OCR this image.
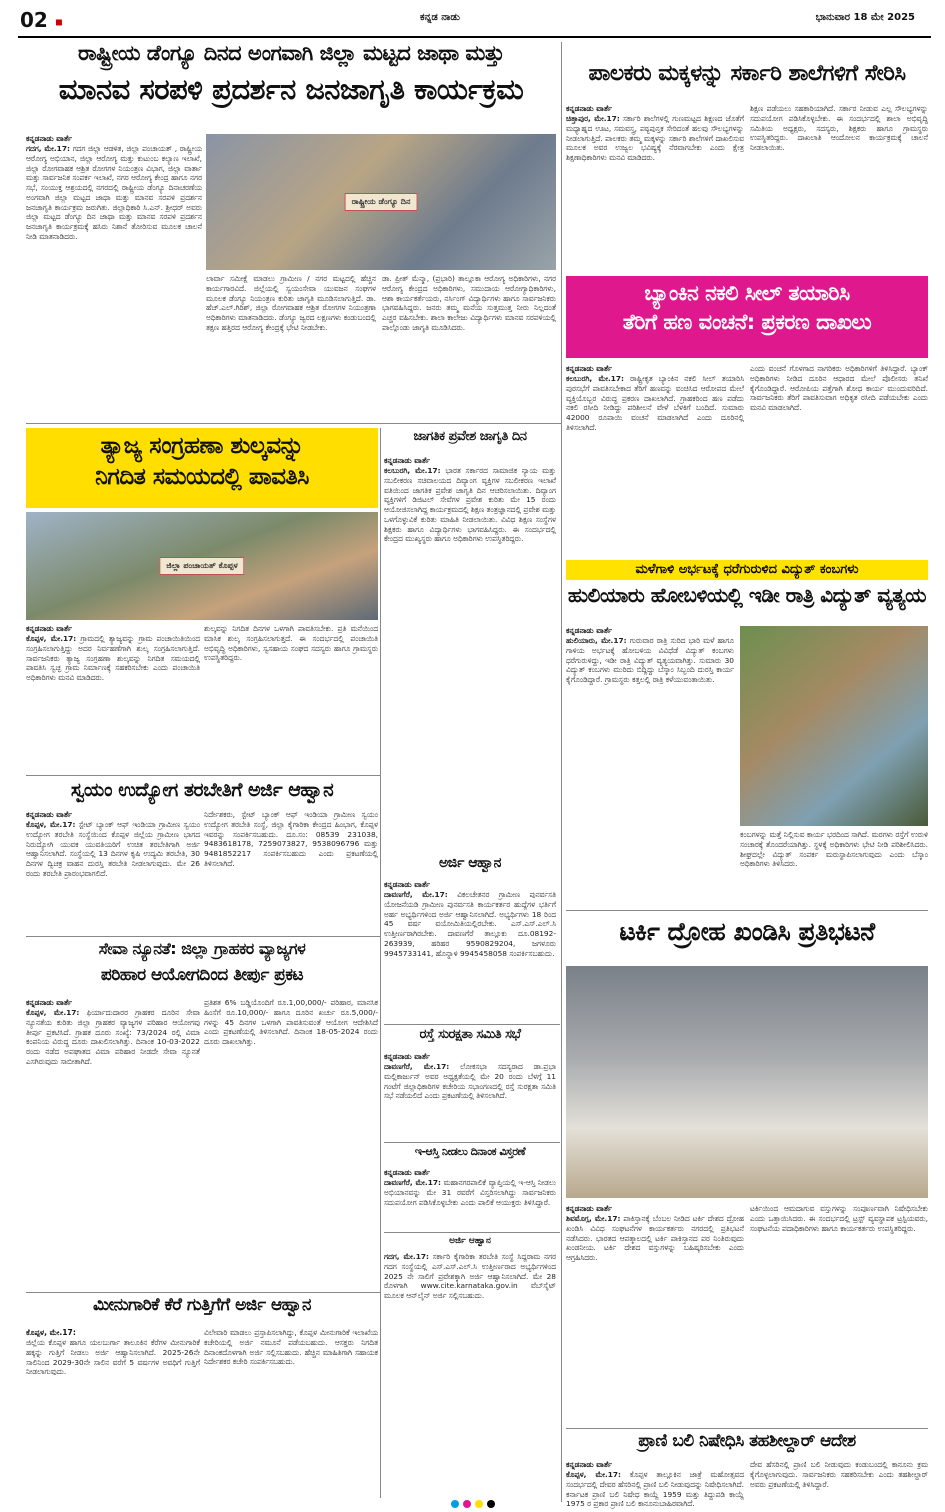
02 ▪	ಕನ್ನಡ ನಾಡು	ಭಾನುವಾರ 18 ಮೇ 2025
ರಾಷ್ಟ್ರೀಯ ಡೆಂಗ್ಯೂ ದಿನದ ಅಂಗವಾಗಿ ಜಿಲ್ಲಾ ಮಟ್ಟದ ಜಾಥಾ ಮತ್ತು
ಮಾನವ ಸರಪಳಿ ಪ್ರದರ್ಶನ ಜನಜಾಗೃತಿ ಕಾರ್ಯಕ್ರಮ
ಕನ್ನಡನಾಡು ವಾರ್ತೆ
ಗದಗ, ಮೇ.17: ಗದಗ ಜಿಲ್ಲಾ ಆಡಳಿತ, ಜಿಲ್ಲಾ ಪಂಚಾಯತ್ , ರಾಷ್ಟ್ರೀಯ ಆರೋಗ್ಯ ಅಭಿಯಾನ, ಜಿಲ್ಲಾ ಆರೋಗ್ಯ ಮತ್ತು ಕುಟುಂಬ ಕಲ್ಯಾಣ ಇಲಾಖೆ, ಜಿಲ್ಲಾ ರೋಗವಾಹಕ ಆಶ್ರಿತ ರೋಗಗಳ ನಿಯಂತ್ರಣ ವಿಭಾಗ, ಜಿಲ್ಲಾ ವಾರ್ತಾ ಮತ್ತು ಸಾರ್ವಜನಿಕ ಸಂಪರ್ಕ ಇಲಾಖೆ, ನಗರ ಆರೋಗ್ಯ ಕೇಂದ್ರ ಹಾಗೂ ನಗರ ಸಭೆ, ಸಂಯುಕ್ತ ಆಶ್ರಯದಲ್ಲಿ ನಗರದಲ್ಲಿ ರಾಷ್ಟ್ರೀಯ ಡೆಂಗ್ಯೂ ದಿನಾಚರಣೆಯ ಅಂಗವಾಗಿ ಜಿಲ್ಲಾ ಮಟ್ಟದ ಜಾಥಾ ಮತ್ತು ಮಾನವ ಸರಪಳಿ ಪ್ರದರ್ಶನ ಜನಜಾಗೃತಿ ಕಾರ್ಯಕ್ರಮ ಜರುಗಿತು. ಜಿಲ್ಲಾಧಿಕಾರಿ ಸಿ.ಎನ್. ಶ್ರೀಧರ್ ಅವರು ಜಿಲ್ಲಾ ಮಟ್ಟದ ಡೆಂಗ್ಯೂ ದಿನ ಜಾಥಾ ಮತ್ತು ಮಾನವ ಸರಪಳಿ ಪ್ರದರ್ಶನ ಜನಜಾಗೃತಿ ಕಾರ್ಯಕ್ರಮಕ್ಕೆ ಹಸಿರು ನಿಶಾನೆ ತೋರಿಸುವ ಮೂಲಕ ಚಾಲನೆ ನೀಡಿ ಮಾತನಾಡಿದರು.
ರಾಷ್ಟ್ರೀಯ ಡೆಂಗ್ಯೂ ದಿನ
ಲಾರ್ವಾ ಸಮೀಕ್ಷೆ ಮಾಡಲು ಗ್ರಾಮೀಣ / ನಗರ ಮಟ್ಟದಲ್ಲಿ ಹೆಚ್ಚಿನ ಕಾರ್ಯಗಾರವಿದೆ. ಜಿಲ್ಲೆಯಲ್ಲಿ ಸ್ವಯಂಸೇವಾ ಯುವಜನ ಸಂಘಗಳ ಮೂಲಕ ಡೆಂಗ್ಯೂ ನಿಯಂತ್ರಣ ಕುರಿತು ಜಾಗೃತಿ ಮೂಡಿಸಲಾಗುತ್ತಿದೆ. ಡಾ. ಹೆಚ್.ಎಲ್.ಗಿರಿಶ್, ಜಿಲ್ಲಾ ರೋಗವಾಹಕ ಆಶ್ರಿತ ರೋಗಗಳ ನಿಯಂತ್ರಣಾ ಅಧಿಕಾರಿಗಳು ಮಾತನಾಡಿದರು. ಡೆಂಗ್ಯೂ ಜ್ವರದ ಲಕ್ಷಣಗಳು ಕಂಡುಬಂದಲ್ಲಿ ತಕ್ಷಣ ಹತ್ತಿರದ ಆರೋಗ್ಯ ಕೇಂದ್ರಕ್ಕೆ ಭೇಟಿ ನೀಡಬೇಕು.
ಡಾ. ಪ್ರೀತ್ ಮೆನ್ಮಾ, (ಪ್ರಭಾರಿ) ತಾಲ್ಲೂಕಾ ಆರೋಗ್ಯ ಅಧಿಕಾರಿಗಳು, ನಗರ ಆರೋಗ್ಯ ಕೇಂದ್ರದ ಅಧಿಕಾರಿಗಳು, ಸಮುದಾಯ ಆರೋಗ್ಯಾಧಿಕಾರಿಗಳು, ಆಶಾ ಕಾರ್ಯಕರ್ತೆಯರು, ನರ್ಸಿಂಗ್ ವಿದ್ಯಾರ್ಥಿಗಳು ಹಾಗೂ ಸಾರ್ವಜನಿಕರು ಭಾಗವಹಿಸಿದ್ದರು. ಜನರು ತಮ್ಮ ಮನೆಯ ಸುತ್ತಮುತ್ತ ನೀರು ನಿಲ್ಲದಂತೆ ಎಚ್ಚರ ವಹಿಸಬೇಕು. ಶಾಲಾ ಕಾಲೇಜು ವಿದ್ಯಾರ್ಥಿಗಳು ಮಾನವ ಸರಪಳಿಯಲ್ಲಿ ಪಾಲ್ಗೊಂಡು ಜಾಗೃತಿ ಮೂಡಿಸಿದರು.
ಪಾಲಕರು ಮಕ್ಕಳನ್ನು ಸರ್ಕಾರಿ ಶಾಲೆಗಳಿಗೆ ಸೇರಿಸಿ
ಕನ್ನಡನಾಡು ವಾರ್ತೆ
ಚಿತ್ತಾಪುರ, ಮೇ.17: ಸರ್ಕಾರಿ ಶಾಲೆಗಳಲ್ಲಿ ಗುಣಮಟ್ಟದ ಶಿಕ್ಷಣದ ಜೊತೆಗೆ ಮಧ್ಯಾಹ್ನದ ಊಟ, ಸಮವಸ್ತ್ರ, ಪಠ್ಯಪುಸ್ತಕ ಸೇರಿದಂತೆ ಹಲವು ಸೌಲಭ್ಯಗಳನ್ನು ನೀಡಲಾಗುತ್ತಿದೆ. ಪಾಲಕರು ತಮ್ಮ ಮಕ್ಕಳನ್ನು ಸರ್ಕಾರಿ ಶಾಲೆಗಳಿಗೆ ದಾಖಲಿಸುವ ಮೂಲಕ ಅವರ ಉಜ್ವಲ ಭವಿಷ್ಯಕ್ಕೆ ನೆರವಾಗಬೇಕು ಎಂದು ಕ್ಷೇತ್ರ ಶಿಕ್ಷಣಾಧಿಕಾರಿಗಳು ಮನವಿ ಮಾಡಿದರು.
ಶಿಕ್ಷಣ ಪಡೆಯಲು ಸಹಕಾರಿಯಾಗಿದೆ. ಸರ್ಕಾರ ನೀಡುವ ಎಲ್ಲ ಸೌಲಭ್ಯಗಳನ್ನು ಸದುಪಯೋಗ ಪಡಿಸಿಕೊಳ್ಳಬೇಕು. ಈ ಸಂದರ್ಭದಲ್ಲಿ ಶಾಲಾ ಅಭಿವೃದ್ಧಿ ಸಮಿತಿಯ ಅಧ್ಯಕ್ಷರು, ಸದಸ್ಯರು, ಶಿಕ್ಷಕರು ಹಾಗೂ ಗ್ರಾಮಸ್ಥರು ಉಪಸ್ಥಿತರಿದ್ದರು. ದಾಖಲಾತಿ ಆಂದೋಲನ ಕಾರ್ಯಕ್ರಮಕ್ಕೆ ಚಾಲನೆ ನೀಡಲಾಯಿತು.
ಬ್ಯಾಂಕಿನ ನಕಲಿ ಸೀಲ್ ತಯಾರಿಸಿ
ತೆರಿಗೆ ಹಣ ವಂಚನೆ: ಪ್ರಕರಣ ದಾಖಲು
ಕನ್ನಡನಾಡು ವಾರ್ತೆ
ಕಲಬುರಗಿ, ಮೇ.17: ರಾಷ್ಟ್ರೀಕೃತ ಬ್ಯಾಂಕಿನ ನಕಲಿ ಸೀಲ್ ತಯಾರಿಸಿ ಪುರಸಭೆಗೆ ಪಾವತಿಸಬೇಕಾದ ತೆರಿಗೆ ಹಣವನ್ನು ವಂಚಿಸಿದ ಆರೋಪದ ಮೇಲೆ ವ್ಯಕ್ತಿಯೊಬ್ಬರ ವಿರುದ್ಧ ಪ್ರಕರಣ ದಾಖಲಾಗಿದೆ. ಗ್ರಾಹಕರಿಂದ ಹಣ ಪಡೆದು ನಕಲಿ ರಸೀದಿ ನೀಡಿದ್ದು ಪರಿಶೀಲನೆ ವೇಳೆ ಬೆಳಕಿಗೆ ಬಂದಿದೆ. ಸುಮಾರು 42000 ರೂಪಾಯಿ ವಂಚನೆ ಮಾಡಲಾಗಿದೆ ಎಂದು ದೂರಿನಲ್ಲಿ ತಿಳಿಸಲಾಗಿದೆ.
ಎಂದು ವಂಚನೆ ಗೊಳಗಾದ ನಾಗರಿಕರು ಅಧಿಕಾರಿಗಳಿಗೆ ತಿಳಿಸಿದ್ದಾರೆ. ಬ್ಯಾಂಕ್ ಅಧಿಕಾರಿಗಳು ನೀಡಿದ ದೂರಿನ ಆಧಾರದ ಮೇಲೆ ಪೊಲೀಸರು ತನಿಖೆ ಕೈಗೊಂಡಿದ್ದಾರೆ. ಆರೋಪಿಯ ಪತ್ತೆಗಾಗಿ ಶೋಧ ಕಾರ್ಯ ಮುಂದುವರಿದಿದೆ. ಸಾರ್ವಜನಿಕರು ತೆರಿಗೆ ಪಾವತಿಸುವಾಗ ಅಧಿಕೃತ ರಸೀದಿ ಪಡೆಯಬೇಕು ಎಂದು ಮನವಿ ಮಾಡಲಾಗಿದೆ.
ಮಳೆಗಾಳಿ ಅರ್ಭಟಕ್ಕೆ ಧರೆಗುರುಳಿದ ವಿದ್ಯುತ್ ಕಂಬಗಳು
ಹುಲಿಯಾರು ಹೋಬಳಿಯಲ್ಲಿ ಇಡೀ ರಾತ್ರಿ ವಿದ್ಯುತ್ ವ್ಯತ್ಯಯ
ಕನ್ನಡನಾಡು ವಾರ್ತೆ
ಹುಲಿಯಾರು, ಮೇ.17: ಗುರುವಾರ ರಾತ್ರಿ ಸುರಿದ ಭಾರಿ ಮಳೆ ಹಾಗೂ ಗಾಳಿಯ ಅರ್ಭಟಕ್ಕೆ ಹೋಬಳಿಯ ವಿವಿಧೆಡೆ ವಿದ್ಯುತ್ ಕಂಬಗಳು ಧರೆಗುರುಳಿದ್ದು, ಇಡೀ ರಾತ್ರಿ ವಿದ್ಯುತ್ ವ್ಯತ್ಯಯವಾಗಿತ್ತು. ಸುಮಾರು 30 ವಿದ್ಯುತ್ ಕಂಬಗಳು ಮುರಿದು ಬಿದ್ದಿದ್ದು ಬೆಸ್ಕಾಂ ಸಿಬ್ಬಂದಿ ದುರಸ್ತಿ ಕಾರ್ಯ ಕೈಗೊಂಡಿದ್ದಾರೆ. ಗ್ರಾಮಸ್ಥರು ಕತ್ತಲಲ್ಲಿ ರಾತ್ರಿ ಕಳೆಯುವಂತಾಯಿತು.
ಕಂಬಗಳನ್ನು ಮತ್ತೆ ನಿಲ್ಲಿಸುವ ಕಾರ್ಯ ಭರದಿಂದ ಸಾಗಿದೆ. ಮರಗಳು ರಸ್ತೆಗೆ ಉರುಳಿ ಸಂಚಾರಕ್ಕೆ ತೊಂದರೆಯಾಗಿತ್ತು. ಸ್ಥಳಕ್ಕೆ ಅಧಿಕಾರಿಗಳು ಭೇಟಿ ನೀಡಿ ಪರಿಶೀಲಿಸಿದರು. ಶೀಘ್ರದಲ್ಲೇ ವಿದ್ಯುತ್ ಸಂಪರ್ಕ ಮರುಸ್ಥಾಪಿಸಲಾಗುವುದು ಎಂದು ಬೆಸ್ಕಾಂ ಅಧಿಕಾರಿಗಳು ತಿಳಿಸಿದರು.
ಟರ್ಕಿ ದ್ರೋಹ ಖಂಡಿಸಿ ಪ್ರತಿಭಟನೆ
ಕನ್ನಡನಾಡು ವಾರ್ತೆ
ಶಿವಮೊಗ್ಗ, ಮೇ.17: ಪಾಕಿಸ್ತಾನಕ್ಕೆ ಬೆಂಬಲ ನೀಡಿದ ಟರ್ಕಿ ದೇಶದ ದ್ರೋಹ ಖಂಡಿಸಿ ವಿವಿಧ ಸಂಘಟನೆಗಳ ಕಾರ್ಯಕರ್ತರು ನಗರದಲ್ಲಿ ಪ್ರತಿಭಟನೆ ನಡೆಸಿದರು. ಭಾರತದ ಆಪತ್ಕಾಲದಲ್ಲಿ ಟರ್ಕಿ ಪಾಕಿಸ್ತಾನದ ಪರ ನಿಂತಿರುವುದು ಖಂಡನೀಯ. ಟರ್ಕಿ ದೇಶದ ವಸ್ತುಗಳನ್ನು ಬಹಿಷ್ಕರಿಸಬೇಕು ಎಂದು ಆಗ್ರಹಿಸಿದರು.
ಟರ್ಕಿಯಿಂದ ಆಮದಾಗುವ ವಸ್ತುಗಳನ್ನು ಸಂಪೂರ್ಣವಾಗಿ ನಿಷೇಧಿಸಬೇಕು ಎಂದು ಒತ್ತಾಯಿಸಿದರು. ಈ ಸಂದರ್ಭದಲ್ಲಿ ಟ್ರಸ್ಟ್ ವ್ಯವಸ್ಥಾಪಕ ಟ್ರಸ್ಟಿಯವರು, ಸಂಘಟನೆಯ ಪದಾಧಿಕಾರಿಗಳು ಹಾಗೂ ಕಾರ್ಯಕರ್ತರು ಉಪಸ್ಥಿತರಿದ್ದರು.
ಪ್ರಾಣಿ ಬಲಿ ನಿಷೇಧಿಸಿ ತಹಶೀಲ್ದಾರ್ ಆದೇಶ
ಕನ್ನಡನಾಡು ವಾರ್ತೆ
ಕೊಪ್ಪಳ, ಮೇ.17: ಕೊಪ್ಪಳ ತಾಲ್ಲೂಕಿನ ಜಾತ್ರೆ ಮಹೋತ್ಸವದ ಸಂದರ್ಭದಲ್ಲಿ ದೇವರ ಹೆಸರಿನಲ್ಲಿ ಪ್ರಾಣಿ ಬಲಿ ನೀಡುವುದನ್ನು ನಿಷೇಧಿಸಲಾಗಿದೆ. ಕರ್ನಾಟಕ ಪ್ರಾಣಿ ಬಲಿ ನಿಷೇಧ ಕಾಯ್ದೆ 1959 ಮತ್ತು ತಿದ್ದುಪಡಿ ಕಾಯ್ದೆ 1975 ರ ಪ್ರಕಾರ ಪ್ರಾಣಿ ಬಲಿ ಕಾನೂನುಬಾಹಿರವಾಗಿದೆ.
ದೇವ ಹೆಸರಿನಲ್ಲಿ ಪ್ರಾಣಿ ಬಲಿ ನೀಡುವುದು ಕಂಡುಬಂದಲ್ಲಿ ಕಾನೂನು ಕ್ರಮ ಕೈಗೊಳ್ಳಲಾಗುವುದು. ಸಾರ್ವಜನಿಕರು ಸಹಕರಿಸಬೇಕು ಎಂದು ತಹಶೀಲ್ದಾರ್ ಅವರು ಪ್ರಕಟಣೆಯಲ್ಲಿ ತಿಳಿಸಿದ್ದಾರೆ.
ತ್ಯಾಜ್ಯ ಸಂಗ್ರಹಣಾ ಶುಲ್ಕವನ್ನು
ನಿಗದಿತ ಸಮಯದಲ್ಲಿ ಪಾವತಿಸಿ
ಜಿಲ್ಲಾ ಪಂಚಾಯತ್ ಕೊಪ್ಪಳ
ಕನ್ನಡನಾಡು ವಾರ್ತೆ
ಕೊಪ್ಪಳ, ಮೇ.17: ಗ್ರಾಮದಲ್ಲಿ ತ್ಯಾಜ್ಯವನ್ನು ಗ್ರಾಮ ಪಂಚಾಯಿತಿಯಿಂದ ಸಂಗ್ರಹಿಸಲಾಗುತ್ತಿದ್ದು ಅದರ ನಿರ್ವಹಣೆಗಾಗಿ ಶುಲ್ಕ ಸಂಗ್ರಹಿಸಲಾಗುತ್ತಿದೆ. ಸಾರ್ವಜನಿಕರು ತ್ಯಾಜ್ಯ ಸಂಗ್ರಹಣಾ ಶುಲ್ಕವನ್ನು ನಿಗದಿತ ಸಮಯದಲ್ಲಿ ಪಾವತಿಸಿ ಸ್ವಚ್ಛ ಗ್ರಾಮ ನಿರ್ಮಾಣಕ್ಕೆ ಸಹಕರಿಸಬೇಕು ಎಂದು ಪಂಚಾಯಿತಿ ಅಧಿಕಾರಿಗಳು ಮನವಿ ಮಾಡಿದರು.
ಶುಲ್ಕವನ್ನು ನಿಗದಿತ ದಿನಗಳ ಒಳಗಾಗಿ ಪಾವತಿಸಬೇಕು. ಪ್ರತಿ ಮನೆಯಿಂದ ಮಾಸಿಕ ಶುಲ್ಕ ಸಂಗ್ರಹಿಸಲಾಗುತ್ತದೆ. ಈ ಸಂದರ್ಭದಲ್ಲಿ ಪಂಚಾಯಿತಿ ಅಭಿವೃದ್ಧಿ ಅಧಿಕಾರಿಗಳು, ಸ್ವಸಹಾಯ ಸಂಘದ ಸದಸ್ಯರು ಹಾಗೂ ಗ್ರಾಮಸ್ಥರು ಉಪಸ್ಥಿತರಿದ್ದರು.
ಜಾಗತಿಕ ಪ್ರವೇಶ ಜಾಗೃತಿ ದಿನ
ಕನ್ನಡನಾಡು ವಾರ್ತೆ
ಕಲಬುರಗಿ, ಮೇ.17: ಭಾರತ ಸರ್ಕಾರದ ಸಾಮಾಜಿಕ ನ್ಯಾಯ ಮತ್ತು ಸಬಲೀಕರಣ ಸಚಿವಾಲಯದ ದಿವ್ಯಾಂಗ ವ್ಯಕ್ತಿಗಳ ಸಬಲೀಕರಣ ಇಲಾಖೆ ವತಿಯಿಂದ ಜಾಗತಿಕ ಪ್ರವೇಶ ಜಾಗೃತಿ ದಿನ ಆಚರಿಸಲಾಯಿತು. ದಿವ್ಯಾಂಗ ವ್ಯಕ್ತಿಗಳಿಗೆ ಡಿಜಿಟಲ್ ಸೇವೆಗಳ ಪ್ರವೇಶ ಕುರಿತು ಮೇ 15 ರಂದು ಆಯೋಜಿಸಲಾಗಿದ್ದ ಕಾರ್ಯಕ್ರಮದಲ್ಲಿ ಶಿಕ್ಷಣ ತಂತ್ರಜ್ಞಾನದಲ್ಲಿ ಪ್ರವೇಶ ಮತ್ತು ಒಳಗೊಳ್ಳುವಿಕೆ ಕುರಿತು ಮಾಹಿತಿ ನೀಡಲಾಯಿತು. ವಿವಿಧ ಶಿಕ್ಷಣ ಸಂಸ್ಥೆಗಳ ಶಿಕ್ಷಕರು ಹಾಗೂ ವಿದ್ಯಾರ್ಥಿಗಳು ಭಾಗವಹಿಸಿದ್ದರು. ಈ ಸಂದರ್ಭದಲ್ಲಿ ಕೇಂದ್ರದ ಮುಖ್ಯಸ್ಥರು ಹಾಗೂ ಅಧಿಕಾರಿಗಳು ಉಪಸ್ಥಿತರಿದ್ದರು.
ಸ್ವಯಂ ಉದ್ಯೋಗ ತರಬೇತಿಗೆ ಅರ್ಜಿ ಆಹ್ವಾನ
ಕನ್ನಡನಾಡು ವಾರ್ತೆ
ಕೊಪ್ಪಳ, ಮೇ.17: ಸ್ಟೇಟ್ ಬ್ಯಾಂಕ್ ಆಫ್ ಇಂಡಿಯಾ ಗ್ರಾಮೀಣ ಸ್ವಯಂ ಉದ್ಯೋಗ ತರಬೇತಿ ಸಂಸ್ಥೆಯಿಂದ ಕೊಪ್ಪಳ ಜಿಲ್ಲೆಯ ಗ್ರಾಮೀಣ ಭಾಗದ ನಿರುದ್ಯೋಗಿ ಯುವಕ ಯುವತಿಯರಿಗೆ ಉಚಿತ ತರಬೇತಿಗಾಗಿ ಅರ್ಜಿ ಆಹ್ವಾನಿಸಲಾಗಿದೆ. ಸಂಸ್ಥೆಯಲ್ಲಿ 13 ದಿನಗಳ ಕೃಷಿ ಉದ್ಯಮಿ ತರಬೇತಿ, 30 ದಿನಗಳ ದ್ವಿಚಕ್ರ ವಾಹನ ದುರಸ್ತಿ ತರಬೇತಿ ನೀಡಲಾಗುವುದು. ಮೇ 26 ರಂದು ತರಬೇತಿ ಪ್ರಾರಂಭವಾಗಲಿದೆ.
ನಿರ್ದೇಶಕರು, ಸ್ಟೇಟ್ ಬ್ಯಾಂಕ್ ಆಫ್ ಇಂಡಿಯಾ ಗ್ರಾಮೀಣ ಸ್ವಯಂ ಉದ್ಯೋಗ ತರಬೇತಿ ಸಂಸ್ಥೆ, ಜಿಲ್ಲಾ ಕೈಗಾರಿಕಾ ಕೇಂದ್ರದ ಹಿಂಭಾಗ, ಕೊಪ್ಪಳ ಇವರನ್ನು ಸಂಪರ್ಕಿಸಬಹುದು. ದೂ.ಸಂ: 08539 231038, 9483618178, 7259073827, 9538096796 ಮತ್ತು 9481852217 ಸಂಪರ್ಕಿಸಬಹುದು ಎಂದು ಪ್ರಕಟಣೆಯಲ್ಲಿ ತಿಳಿಸಲಾಗಿದೆ.	ಅರ್ಜಿ ಆಹ್ವಾನ
ಕನ್ನಡನಾಡು ವಾರ್ತೆ
ದಾವಣಗೆರೆ, ಮೇ.17: ವಿಕಲಚೇತನರ ಗ್ರಾಮೀಣ ಪುನರ್ವಸತಿ ಯೋಜನೆಯಡಿ ಗ್ರಾಮೀಣ ಪುನರ್ವಸತಿ ಕಾರ್ಯಕರ್ತರ ಹುದ್ದೆಗಳ ಭರ್ತಿಗೆ ಅರ್ಹ ಅಭ್ಯರ್ಥಿಗಳಿಂದ ಅರ್ಜಿ ಆಹ್ವಾನಿಸಲಾಗಿದೆ. ಅಭ್ಯರ್ಥಿಗಳು 18 ರಿಂದ 45 ವರ್ಷ ವಯೋಮಿತಿಯಲ್ಲಿರಬೇಕು. ಎಸ್.ಎಸ್.ಎಲ್.ಸಿ ಉತ್ತೀರ್ಣರಾಗಿರಬೇಕು. ದಾವಣಗೆರೆ ತಾಲ್ಲೂಕು ದೂ.08192-263939, ಹರಿಹರ 9590829204, ಜಗಳೂರು 9945733141, ಹೊನ್ನಾಳಿ 9945458058 ಸಂಪರ್ಕಿಸಬಹುದು.
ಸೇವಾ ನ್ಯೂನತೆ: ಜಿಲ್ಲಾ ಗ್ರಾಹಕರ ವ್ಯಾಜ್ಯಗಳ
ಪರಿಹಾರ ಆಯೋಗದಿಂದ ತೀರ್ಪು ಪ್ರಕಟ
ಕನ್ನಡನಾಡು ವಾರ್ತೆ
ಕೊಪ್ಪಳ, ಮೇ.17: ಫಿರ್ಯಾದುದಾರರ ಗ್ರಾಹಕರ ದೂರಿನ ಸೇವಾ ನ್ಯೂನತೆಯ ಕುರಿತು ಜಿಲ್ಲಾ ಗ್ರಾಹಕರ ವ್ಯಾಜ್ಯಗಳ ಪರಿಹಾರ ಆಯೋಗವು ತೀರ್ಪು ಪ್ರಕಟಿಸಿದೆ. ಗ್ರಾಹಕ ದೂರು ಸಂಖ್ಯೆ: 73/2024 ರಲ್ಲಿ ವಿಮಾ ಕಂಪನಿಯ ವಿರುದ್ಧ ದೂರು ದಾಖಲಿಸಲಾಗಿತ್ತು. ದಿನಾಂಕ 10-03-2022 ರಂದು ನಡೆದ ಅಪಘಾತದ ವಿಮಾ ಪರಿಹಾರ ನೀಡದೇ ಸೇವಾ ನ್ಯೂನತೆ ಎಸಗಿರುವುದು ಸಾಬೀತಾಗಿದೆ.
ಪ್ರತಿಶತ 6% ಬಡ್ಡಿಯೊಂದಿಗೆ ರೂ.1,00,000/- ಪರಿಹಾರ, ಮಾನಸಿಕ ಹಿಂಸೆಗೆ ರೂ.10,000/- ಹಾಗೂ ದೂರಿನ ಖರ್ಚು ರೂ.5,000/- ಗಳನ್ನು 45 ದಿನಗಳ ಒಳಗಾಗಿ ಪಾವತಿಸುವಂತೆ ಆಯೋಗ ಆದೇಶಿಸಿದೆ ಎಂದು ಪ್ರಕಟಣೆಯಲ್ಲಿ ತಿಳಿಸಲಾಗಿದೆ. ದಿನಾಂಕ 18-05-2024 ರಂದು ದೂರು ದಾಖಲಾಗಿತ್ತು.	ರಸ್ತೆ ಸುರಕ್ಷತಾ ಸಮಿತಿ ಸಭೆ
ಕನ್ನಡನಾಡು ವಾರ್ತೆ
ದಾವಣಗೆರೆ, ಮೇ.17: ಲೋಕಸಭಾ ಸದಸ್ಯರಾದ ಡಾ.ಪ್ರಭಾ ಮಲ್ಲಿಕಾರ್ಜುನ್ ಅವರ ಅಧ್ಯಕ್ಷತೆಯಲ್ಲಿ ಮೇ 20 ರಂದು ಬೆಳಗ್ಗೆ 11 ಗಂಟೆಗೆ ಜಿಲ್ಲಾಧಿಕಾರಿಗಳ ಕಚೇರಿಯ ಸಭಾಂಗಣದಲ್ಲಿ ರಸ್ತೆ ಸುರಕ್ಷತಾ ಸಮಿತಿ ಸಭೆ ನಡೆಯಲಿದೆ ಎಂದು ಪ್ರಕಟಣೆಯಲ್ಲಿ ತಿಳಿಸಲಾಗಿದೆ.
ಇ-ಆಸ್ತಿ ನೀಡಲು ದಿನಾಂಕ ವಿಸ್ತರಣೆ
ಕನ್ನಡನಾಡು ವಾರ್ತೆ
ದಾವಣಗೆರೆ, ಮೇ.17: ಮಹಾನಗರಪಾಲಿಕೆ ವ್ಯಾಪ್ತಿಯಲ್ಲಿ ಇ-ಆಸ್ತಿ ನೀಡಲು ಅಭಿಯಾನವನ್ನು ಮೇ 31 ರವರೆಗೆ ವಿಸ್ತರಿಸಲಾಗಿದ್ದು ಸಾರ್ವಜನಿಕರು ಸದುಪಯೋಗ ಪಡಿಸಿಕೊಳ್ಳಬೇಕು ಎಂದು ಪಾಲಿಕೆ ಆಯುಕ್ತರು ತಿಳಿಸಿದ್ದಾರೆ.
ಅರ್ಜಿ ಆಹ್ವಾನ
ಗದಗ, ಮೇ.17: ಸರ್ಕಾರಿ ಕೈಗಾರಿಕಾ ತರಬೇತಿ ಸಂಸ್ಥೆ ಸಿದ್ದರಾಮ ನಗರ ಗದಗ ಸಂಸ್ಥೆಯಲ್ಲಿ ಎಸ್.ಎಸ್.ಎಲ್.ಸಿ ಉತ್ತೀರ್ಣರಾದ ಅಭ್ಯರ್ಥಿಗಳಿಂದ 2025 ನೇ ಸಾಲಿಗೆ ಪ್ರವೇಶಕ್ಕಾಗಿ ಅರ್ಜಿ ಆಹ್ವಾನಿಸಲಾಗಿದೆ. ಮೇ 28 ರೊಳಗಾಗಿ www.cite.karnataka.gov.in ವೆಬ್‌ಸೈಟ್ ಮೂಲಕ ಆನ್‌ಲೈನ್ ಅರ್ಜಿ ಸಲ್ಲಿಸಬಹುದು.
ಮೀನುಗಾರಿಕೆ ಕೆರೆ ಗುತ್ತಿಗೆಗೆ ಅರ್ಜಿ ಆಹ್ವಾನ
ಕೊಪ್ಪಳ, ಮೇ.17:
ಜಿಲ್ಲೆಯ ಕೊಪ್ಪಳ ಹಾಗೂ ಯಲಬುರ್ಗಾ ತಾಲೂಕಿನ ಕೆರೆಗಳ ಮೀನುಗಾರಿಕೆ ಹಕ್ಕನ್ನು ಗುತ್ತಿಗೆ ನೀಡಲು ಅರ್ಜಿ ಆಹ್ವಾನಿಸಲಾಗಿದೆ. 2025-26ನೇ ಸಾಲಿನಿಂದ 2029-30ನೇ ಸಾಲಿನ ವರೆಗೆ 5 ವರ್ಷಗಳ ಅವಧಿಗೆ ಗುತ್ತಿಗೆ ನೀಡಲಾಗುವುದು.
ವಿಲೇವಾರಿ ಮಾಡಲು ಪ್ರಸ್ತಾಪಿಸಲಾಗಿದ್ದು, ಕೊಪ್ಪಳ ಮೀನುಗಾರಿಕೆ ಇಲಾಖೆಯ ಕಚೇರಿಯಲ್ಲಿ ಅರ್ಜಿ ನಮೂನೆ ಪಡೆಯಬಹುದು. ಆಸಕ್ತರು ನಿಗದಿತ ದಿನಾಂಕದೊಳಗಾಗಿ ಅರ್ಜಿ ಸಲ್ಲಿಸಬಹುದು. ಹೆಚ್ಚಿನ ಮಾಹಿತಿಗಾಗಿ ಸಹಾಯಕ ನಿರ್ದೇಶಕರ ಕಚೇರಿ ಸಂಪರ್ಕಿಸಬಹುದು.
